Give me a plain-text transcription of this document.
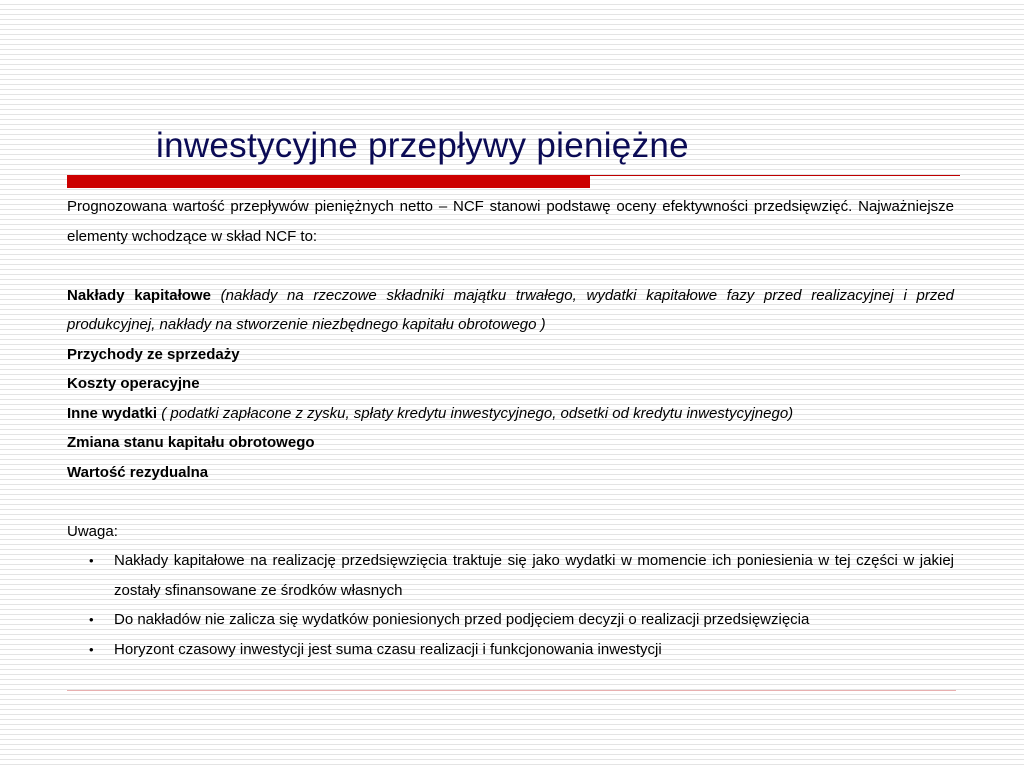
inwestycyjne przepływy pieniężne

Prognozowana wartość przepływów pieniężnych netto – NCF stanowi podstawę oceny efektywności przedsięwzięć. Najważniejsze elementy wchodzące w skład NCF to:

Nakłady kapitałowe (nakłady na rzeczowe składniki majątku trwałego, wydatki kapitałowe fazy przed realizacyjnej i przed produkcyjnej, nakłady na stworzenie niezbędnego kapitału obrotowego )

Przychody ze sprzedaży

Koszty operacyjne

Inne wydatki ( podatki zapłacone z zysku, spłaty kredytu inwestycyjnego, odsetki od kredytu inwestycyjnego)

Zmiana stanu kapitału obrotowego

Wartość rezydualna

Uwaga:

• Nakłady kapitałowe na realizację przedsięwzięcia traktuje się jako wydatki w momencie ich poniesienia w tej części w jakiej zostały sfinansowane ze środków własnych
• Do nakładów nie zalicza się wydatków poniesionych przed podjęciem decyzji o realizacji przedsięwzięcia
• Horyzont czasowy inwestycji jest suma czasu realizacji i funkcjonowania inwestycji
